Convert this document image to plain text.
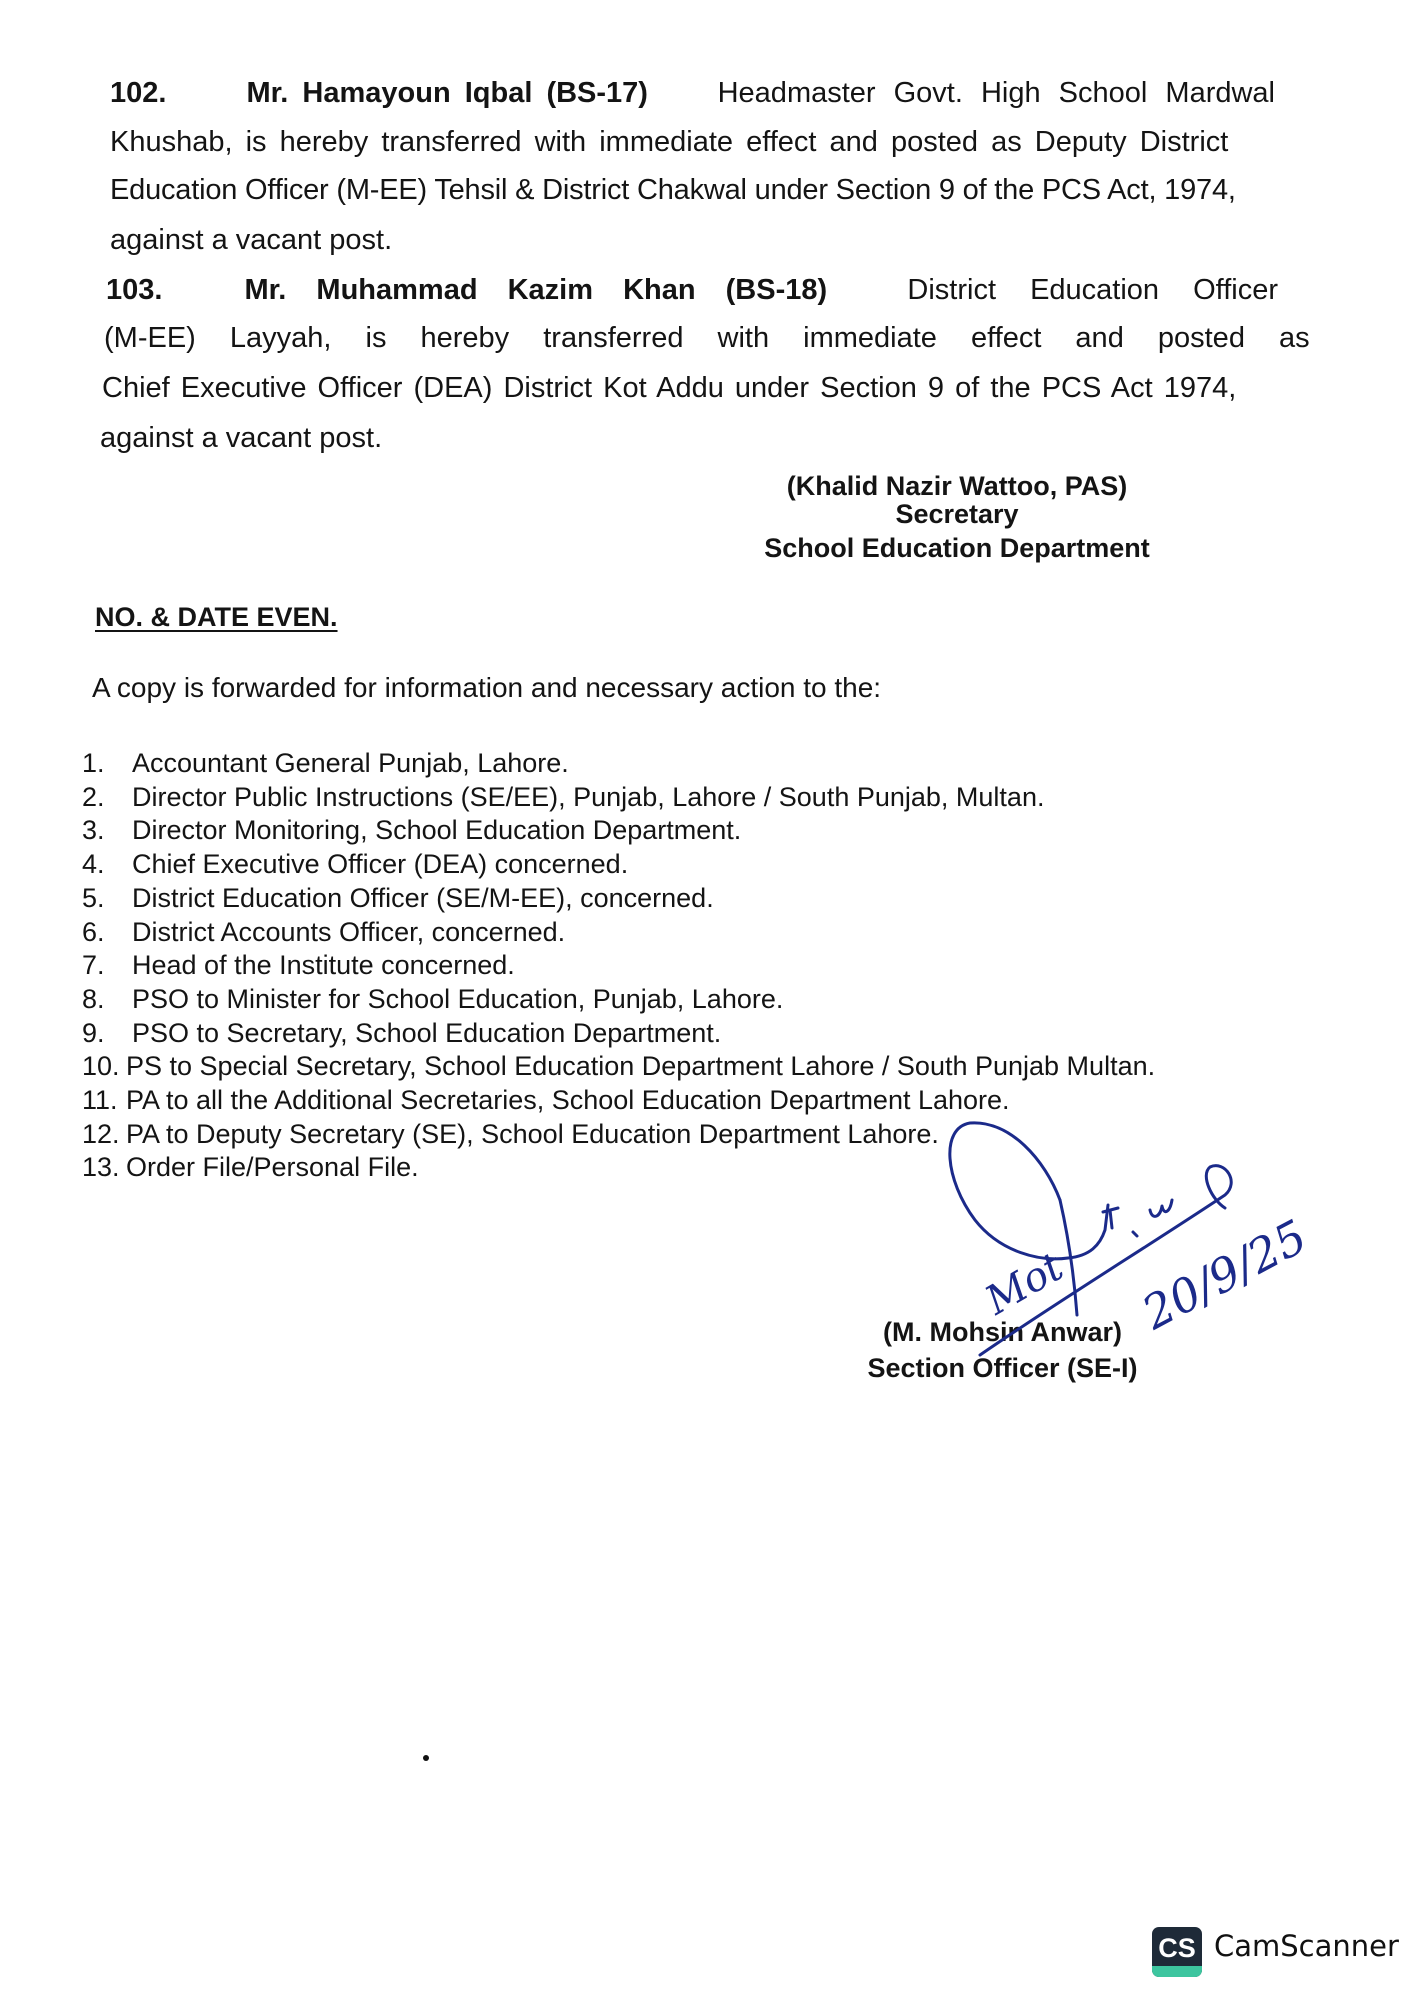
102.	Mr. Hamayoun Iqbal (BS-17) Headmaster Govt. High School Mardwal
Khushab, is hereby transferred with immediate effect and posted as Deputy District
Education Officer (M-EE) Tehsil & District Chakwal under Section 9 of the PCS Act, 1974,
against a vacant post.
103.	Mr. Muhammad Kazim Khan (BS-18)	District Education Officer
(M-EE) Layyah, is hereby transferred with immediate effect and posted as
Chief Executive Officer (DEA) District Kot Addu under Section 9 of the PCS Act 1974,
against a vacant post.
(Khalid Nazir Wattoo, PAS)
Secretary
School Education Department
NO. & DATE EVEN.
A copy is forwarded for information and necessary action to the:
1.	Accountant General Punjab, Lahore.
2.	Director Public Instructions (SE/EE), Punjab, Lahore / South Punjab, Multan.
3.	Director Monitoring, School Education Department.
4.	Chief Executive Officer (DEA) concerned.
5.	District Education Officer (SE/M-EE), concerned.
6.	District Accounts Officer, concerned.
7.	Head of the Institute concerned.
8.	PSO to Minister for School Education, Punjab, Lahore.
9.	PSO to Secretary, School Education Department.
10. PS to Special Secretary, School Education Department Lahore / South Punjab Multan.
11. PA to all the Additional Secretaries, School Education Department Lahore.
12. PA to Deputy Secretary (SE), School Education Department Lahore.
13. Order File/Personal File.
(M. Mohsin Anwar)
Section Officer (SE-I)
Mot 20/9/25
CS CamScanner
